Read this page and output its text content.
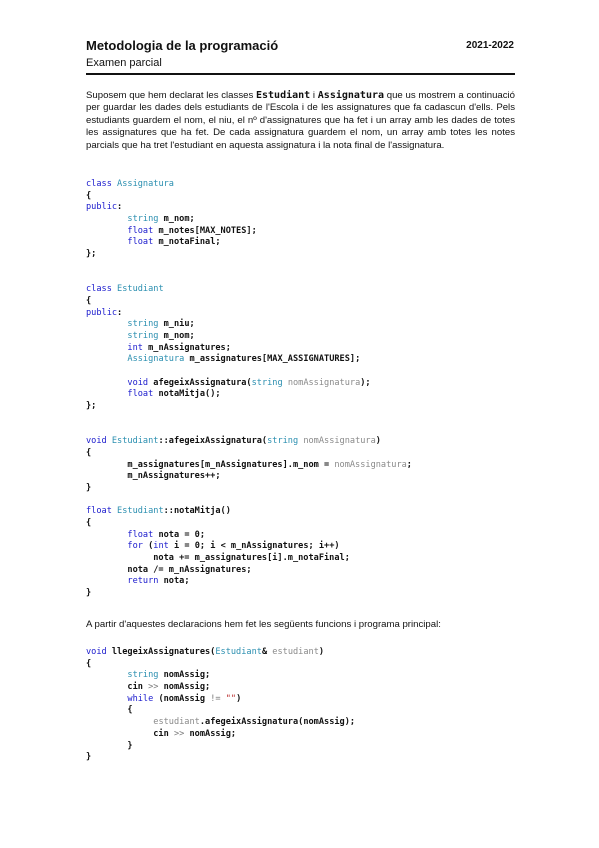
Metodologia de la programació
Examen parcial
2021-2022

Suposem que hem declarat les classes Estudiant i Assignatura que us mostrem a continuació per guardar les dades dels estudiants de l'Escola i de les assignatures que fa cadascun d'ells. Pels estudiants guardem el nom, el niu, el nº d'assignatures que ha fet i un array amb les dades de totes les assignatures que ha fet. De cada assignatura guardem el nom, un array amb totes les notes parcials que ha tret l'estudiant en aquesta assignatura i la nota final de l'assignatura.

class Assignatura
{
public:
string m_nom;
float m_notes[MAX_NOTES];
float m_notaFinal;
};
class Estudiant
{
public:
string m_niu;
string m_nom;
int m_nAssignatures;
Assignatura m_assignatures[MAX_ASSIGNATURES];
void afegeixAssignatura(string nomAssignatura);
float notaMitja();
};
void Estudiant::afegeixAssignatura(string nomAssignatura)
{
m_assignatures[m_nAssignatures].m_nom = nomAssignatura;
m_nAssignatures++;
}
float Estudiant::notaMitja()
{
float nota = 0;
for (int i = 0; i < m_nAssignatures; i++)
nota += m_assignatures[i].m_notaFinal;
nota /= m_nAssignatures;
return nota;
}
A partir d'aquestes declaracions hem fet les següents funcions i programa principal:
void llegeixAssignatures(Estudiant& estudiant)
{
string nomAssig;
cin >> nomAssig;
while (nomAssig != "")
{
estudiant.afegeixAssignatura(nomAssig);
cin >> nomAssig;
}
}
